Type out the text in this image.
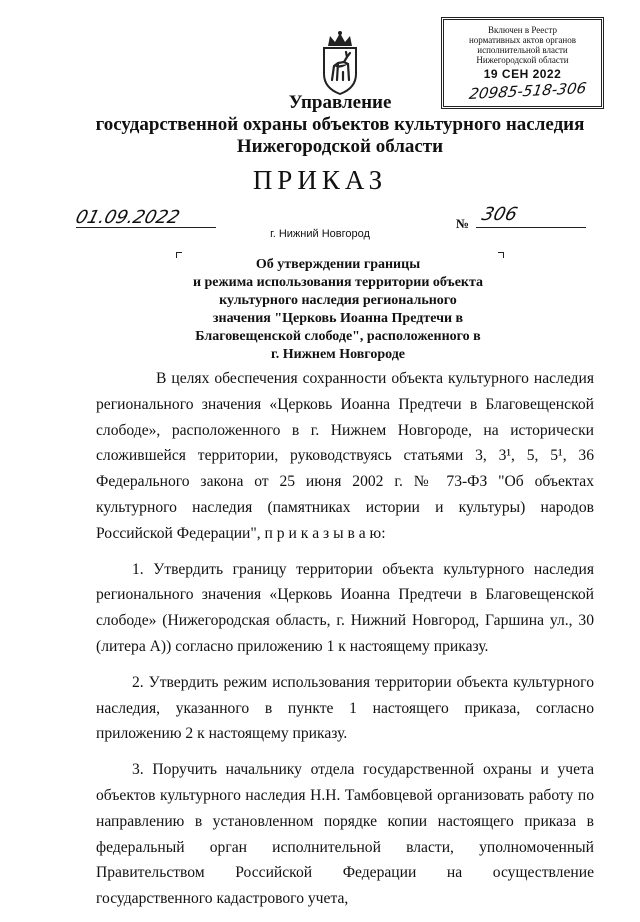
Включен в Реестр
нормативных актов органов
исполнительной власти
Нижегородской области
19 СЕН 2022
20985-518-306
Управление
государственной охраны объектов культурного наследия
Нижегородской области
ПРИКАЗ
01.09.2022	№ 306
г. Нижний Новгород
Об утверждении границы
и режима использования территории объекта
культурного наследия регионального
значения "Церковь Иоанна Предтечи в
Благовещенской слободе", расположенного в
г. Нижнем Новгороде

В целях обеспечения сохранности объекта культурного наследия регионального значения «Церковь Иоанна Предтечи в Благовещенской слободе», расположенного в г. Нижнем Новгороде, на исторически сложившейся территории, руководствуясь статьями 3, 3¹, 5, 5¹, 36 Федерального закона от 25 июня 2002 г. № 73-ФЗ "Об объектах культурного наследия (памятниках истории и культуры) народов Российской Федерации", п р и к а з ы в а ю:

1. Утвердить границу территории объекта культурного наследия регионального значения «Церковь Иоанна Предтечи в Благовещенской слободе» (Нижегородская область, г. Нижний Новгород, Гаршина ул., 30 (литера А)) согласно приложению 1 к настоящему приказу.

2. Утвердить режим использования территории объекта культурного наследия, указанного в пункте 1 настоящего приказа, согласно приложению 2 к настоящему приказу.

3. Поручить начальнику отдела государственной охраны и учета объектов культурного наследия Н.Н. Тамбовцевой организовать работу по направлению в установленном порядке копии настоящего приказа в федеральный орган исполнительной власти, уполномоченный Правительством Российской Федерации на осуществление государственного кадастрового учета,
